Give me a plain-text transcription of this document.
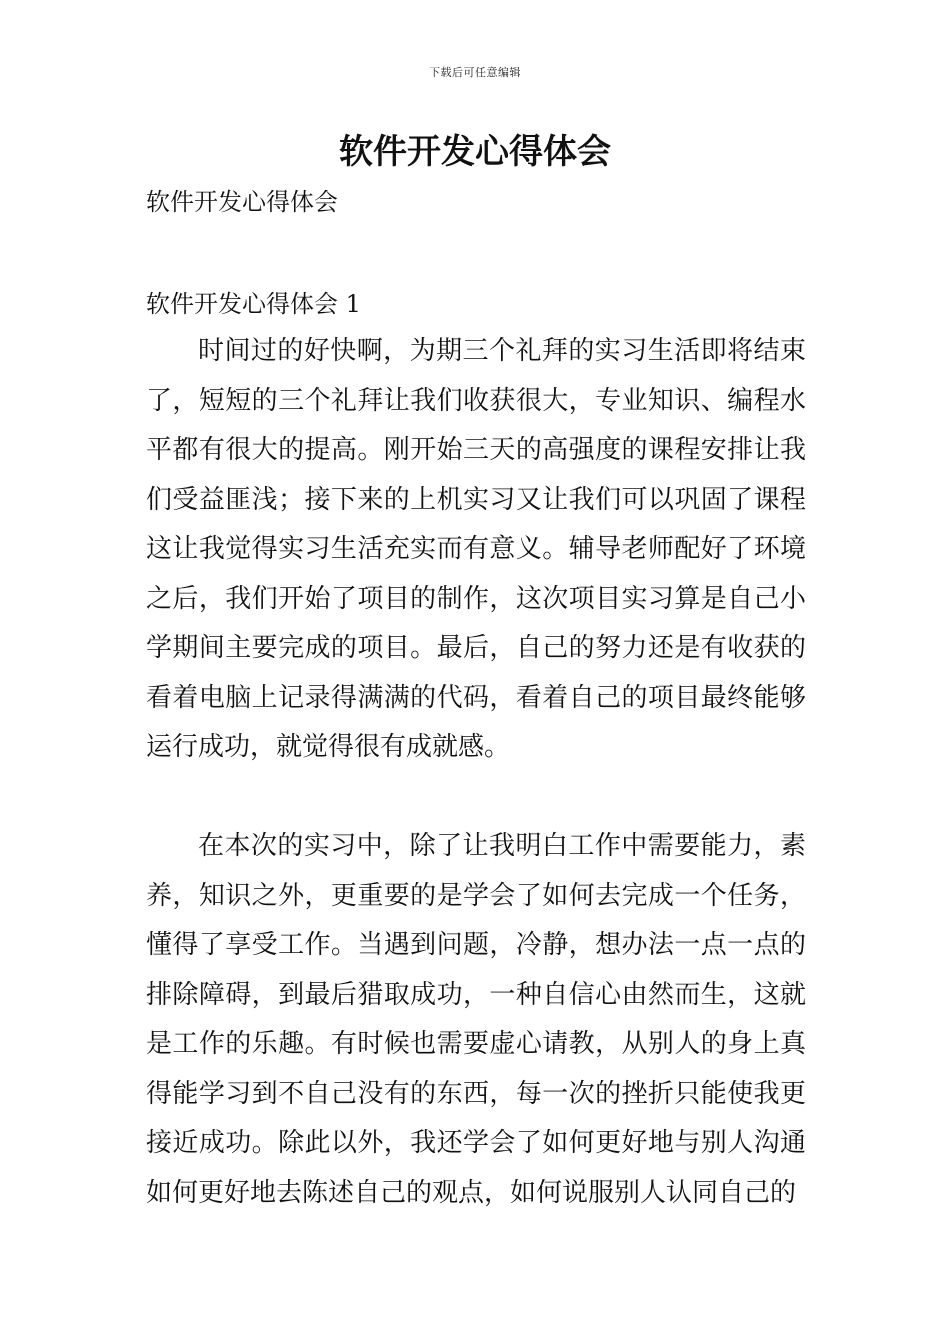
下载后可任意编辑
软件开发心得体会

软件开发心得体会

软件开发心得体会 1

时间过的好快啊，为期三个礼拜的实习生活即将结束了，短短的三个礼拜让我们收获很大，专业知识、编程水平都有很大的提高。刚开始三天的高强度的课程安排让我们受益匪浅；接下来的上机实习又让我们可以巩固了课程这让我觉得实习生活充实而有意义。辅导老师配好了环境之后，我们开始了项目的制作，这次项目实习算是自己小学期间主要完成的项目。最后，自己的努力还是有收获的看着电脑上记录得满满的代码，看着自己的项目最终能够运行成功，就觉得很有成就感。

在本次的实习中，除了让我明白工作中需要能力，素养，知识之外，更重要的是学会了如何去完成一个任务，懂得了享受工作。当遇到问题，冷静，想办法一点一点的排除障碍，到最后猎取成功，一种自信心由然而生，这就是工作的乐趣。有时候也需要虚心请教，从别人的身上真得能学习到不自己没有的东西，每一次的挫折只能使我更接近成功。除此以外，我还学会了如何更好地与别人沟通如何更好地去陈述自己的观点，如何说服别人认同自己的
